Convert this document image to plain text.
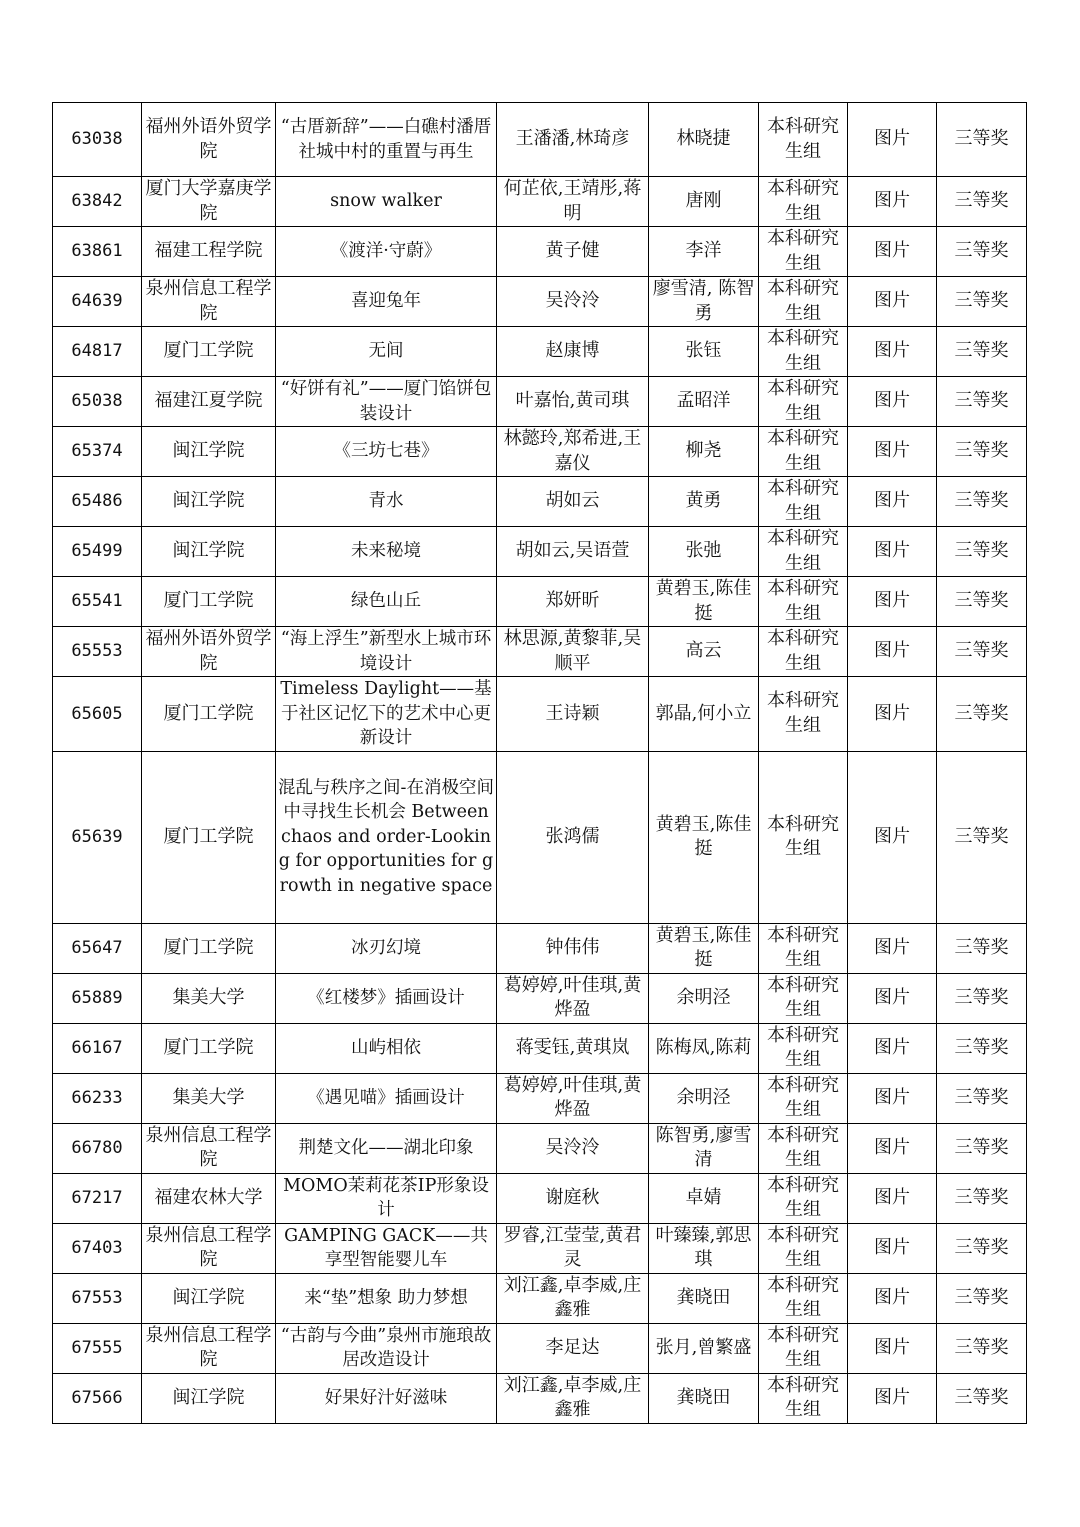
63038	福州外语外贸学院	“古厝新辞”——白礁村潘厝社城中村的重置与再生	王潘潘,林琦彦	林晓捷	本科研究生组	图片	三等奖
63842	厦门大学嘉庚学院	snow walker	何芷依,王靖彤,蒋明	唐刚	本科研究生组	图片	三等奖
63861	福建工程学院	《渡洋·守蔚》	黄子健	李洋	本科研究生组	图片	三等奖
64639	泉州信息工程学院	喜迎兔年	吴泠泠	廖雪清, 陈智勇	本科研究生组	图片	三等奖
64817	厦门工学院	无间	赵康博	张钰	本科研究生组	图片	三等奖
65038	福建江夏学院	“好饼有礼”——厦门馅饼包装设计	叶嘉怡,黄司琪	孟昭洋	本科研究生组	图片	三等奖
65374	闽江学院	《三坊七巷》	林懿玲,郑希进,王嘉仪	柳尧	本科研究生组	图片	三等奖
65486	闽江学院	青水	胡如云	黄勇	本科研究生组	图片	三等奖
65499	闽江学院	未来秘境	胡如云,吴语萱	张弛	本科研究生组	图片	三等奖
65541	厦门工学院	绿色山丘	郑妍昕	黄碧玉,陈佳挺	本科研究生组	图片	三等奖
65553	福州外语外贸学院	“海上浮生”新型水上城市环境设计	林思源,黄黎菲,吴顺平	高云	本科研究生组	图片	三等奖
65605	厦门工学院	Timeless Daylight——基于社区记忆下的艺术中心更新设计	王诗颖	郭晶,何小立	本科研究生组	图片	三等奖
65639	厦门工学院	混乱与秩序之间-在消极空间中寻找生长机会 Between chaos and order-Looking for opportunities for growth in negative space	张鸿儒	黄碧玉,陈佳挺	本科研究生组	图片	三等奖
65647	厦门工学院	冰刃幻境	钟伟伟	黄碧玉,陈佳挺	本科研究生组	图片	三等奖
65889	集美大学	《红楼梦》插画设计	葛婷婷,叶佳琪,黄烨盈	余明泾	本科研究生组	图片	三等奖
66167	厦门工学院	山屿相依	蒋雯钰,黄琪岚	陈梅凤,陈莉	本科研究生组	图片	三等奖
66233	集美大学	《遇见喵》插画设计	葛婷婷,叶佳琪,黄烨盈	余明泾	本科研究生组	图片	三等奖
66780	泉州信息工程学院	荆楚文化——湖北印象	吴泠泠	陈智勇,廖雪清	本科研究生组	图片	三等奖
67217	福建农林大学	MOMO茉莉花茶IP形象设计	谢庭秋	卓婧	本科研究生组	图片	三等奖
67403	泉州信息工程学院	GAMPING GACK——共享型智能婴儿车	罗睿,江莹莹,黄君灵	叶臻臻,郭思琪	本科研究生组	图片	三等奖
67553	闽江学院	来“垫”想象 助力梦想	刘江鑫,卓李威,庄鑫雅	龚晓田	本科研究生组	图片	三等奖
67555	泉州信息工程学院	“古韵与今曲”泉州市施琅故居改造设计	李足达	张月,曾繁盛	本科研究生组	图片	三等奖
67566	闽江学院	好果好汁好滋味	刘江鑫,卓李威,庄鑫雅	龚晓田	本科研究生组	图片	三等奖
